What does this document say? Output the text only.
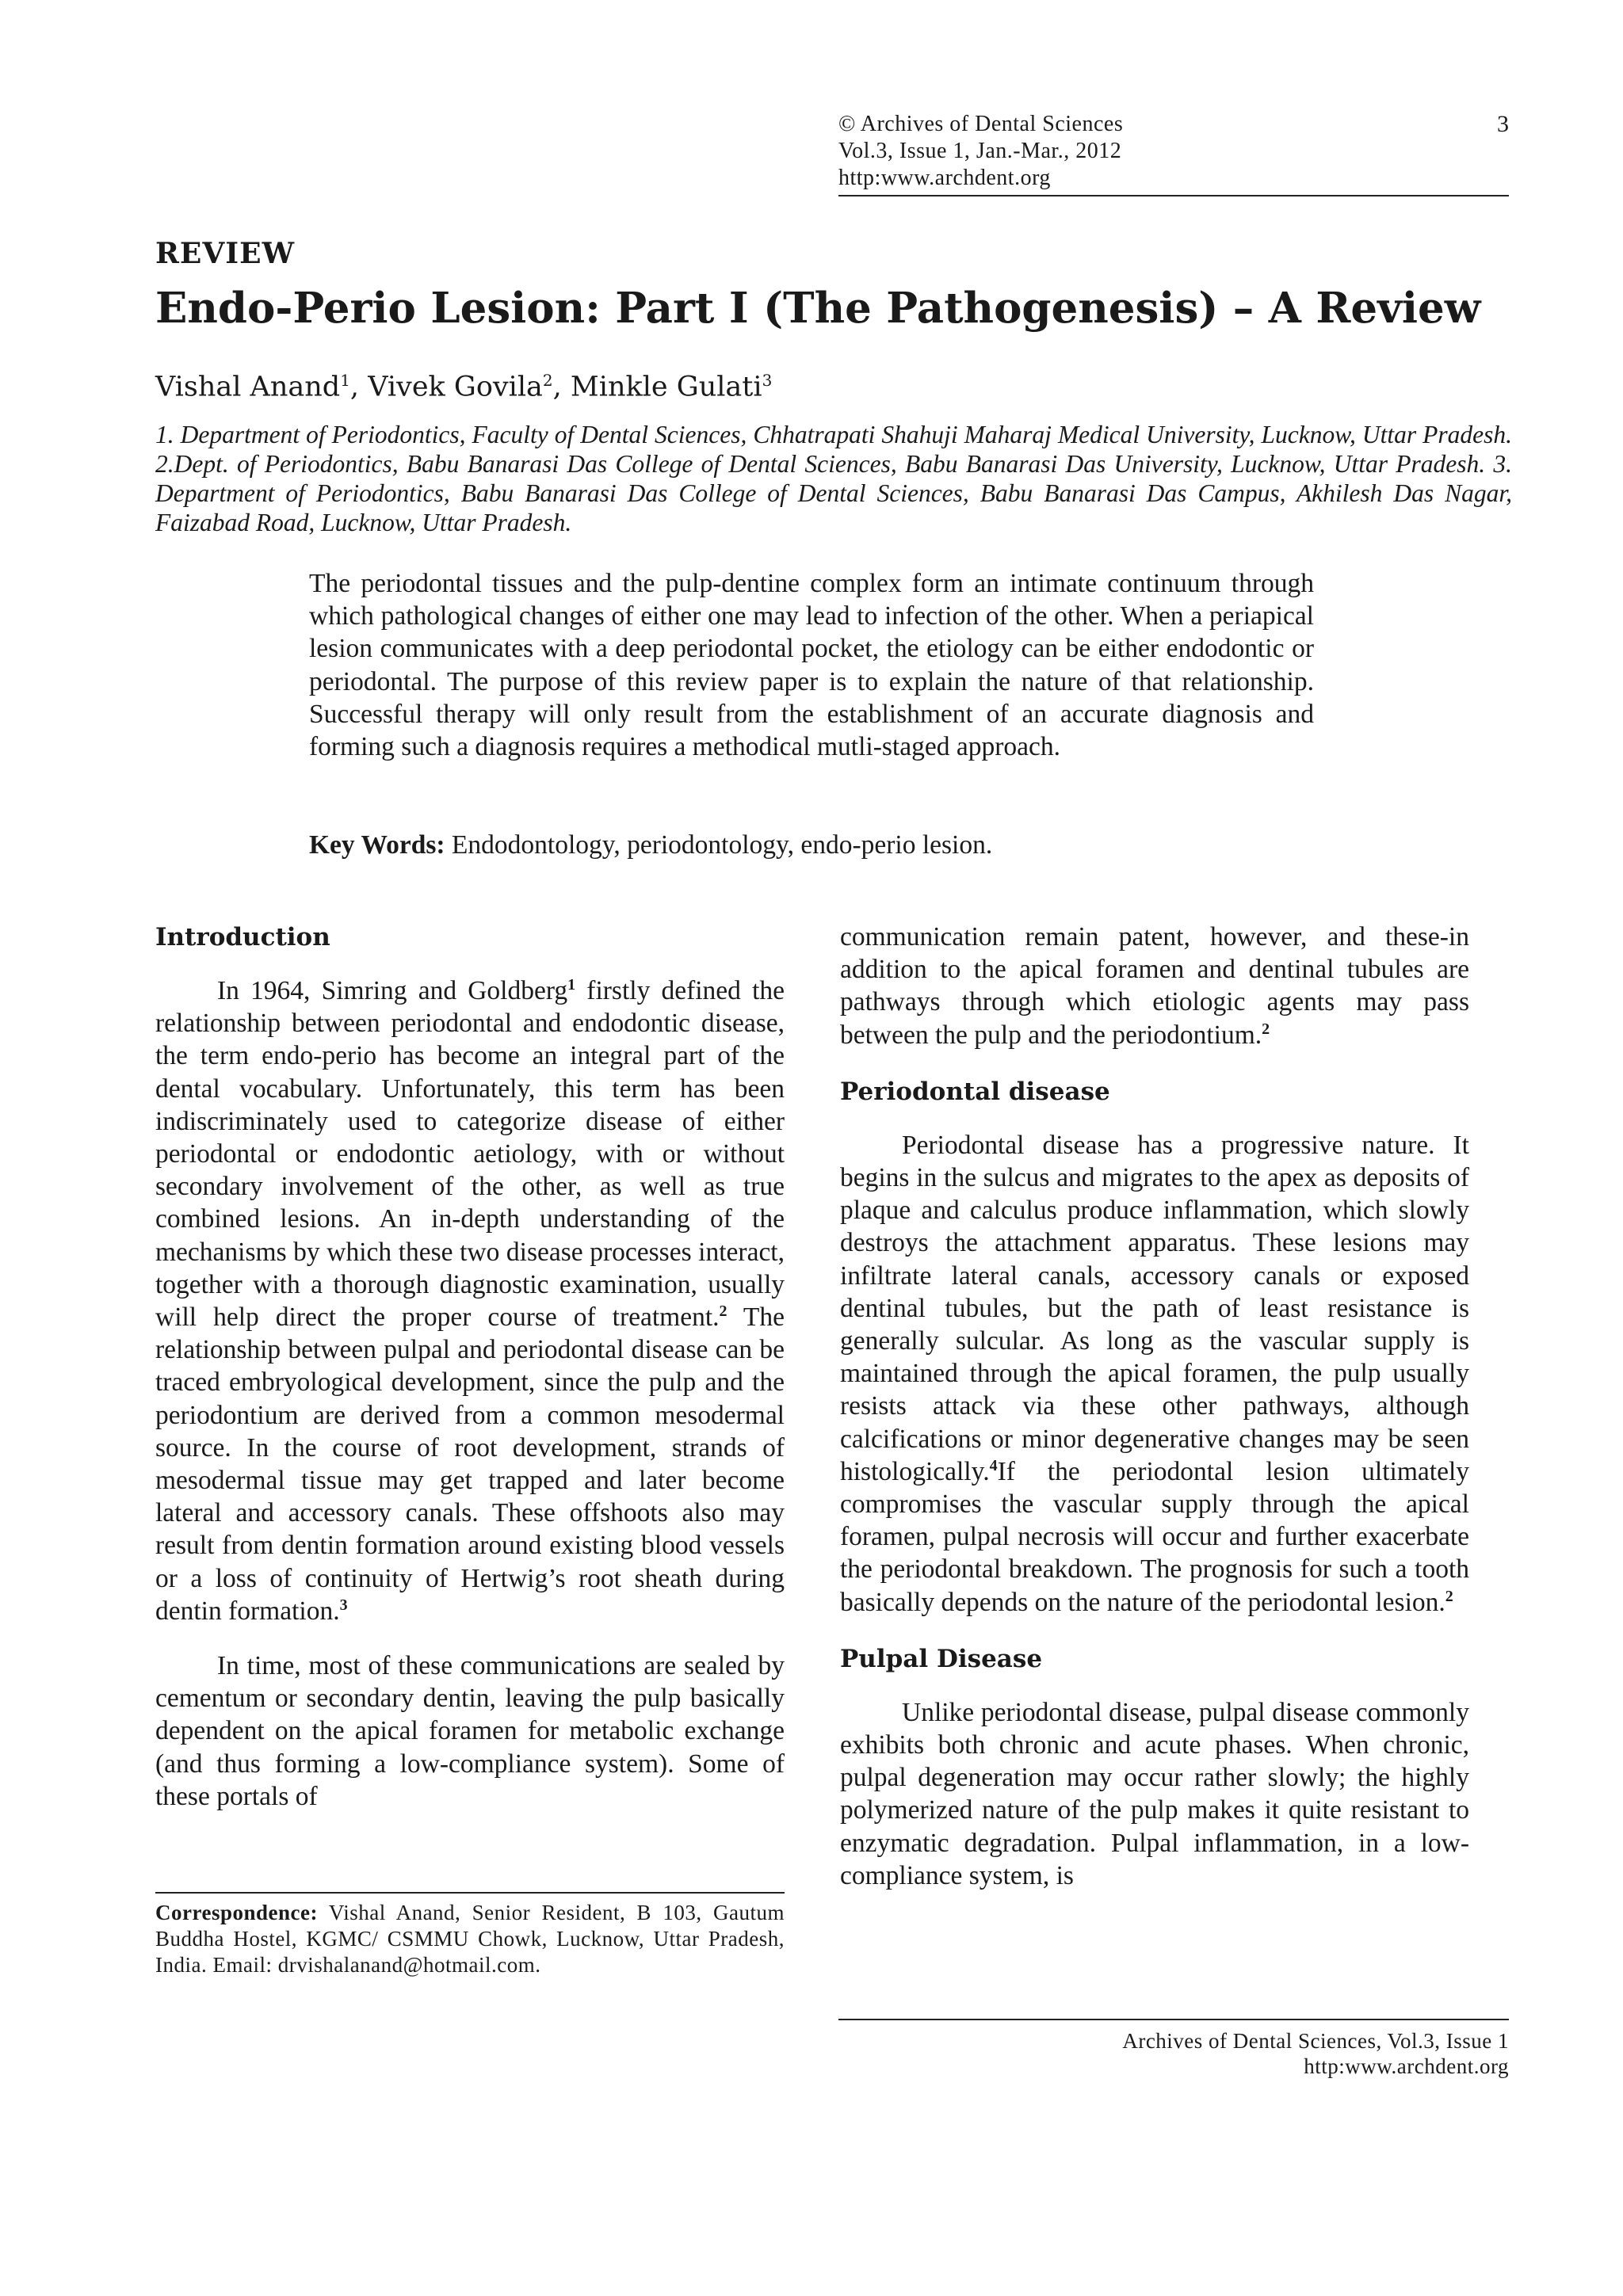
© Archives of Dental Sciences
Vol.3, Issue 1, Jan.-Mar., 2012
http:www.archdent.org
3
REVIEW
Endo-Perio Lesion: Part I (The Pathogenesis) – A Review
Vishal Anand$^1$, Vivek Govila$^2$, Minkle Gulati$^3$

1. Department of Periodontics, Faculty of Dental Sciences, Chhatrapati Shahuji Maharaj Medical University, Lucknow, Uttar Pradesh. 2.Dept. of Periodontics, Babu Banarasi Das College of Dental Sciences, Babu Banarasi Das University, Lucknow, Uttar Pradesh. 3. Department of Periodontics, Babu Banarasi Das College of Dental Sciences, Babu Banarasi Das Campus, Akhilesh Das Nagar, Faizabad Road, Lucknow, Uttar Pradesh.

The periodontal tissues and the pulp-dentine complex form an intimate continuum through which pathological changes of either one may lead to infection of the other. When a periapical lesion communicates with a deep periodontal pocket, the etiology can be either endodontic or periodontal. The purpose of this review paper is to explain the nature of that relationship. Successful therapy will only result from the establishment of an accurate diagnosis and forming such a diagnosis requires a methodical mutli-staged approach.

Key Words: Endodontology, periodontology, endo-perio lesion.
Introduction

In 1964, Simring and Goldberg$^1$ firstly defined the relationship between periodontal and endodontic disease, the term endo-perio has become an integral part of the dental vocabulary. Unfortunately, this term has been indiscriminately used to categorize disease of either periodontal or endodontic aetiology, with or without secondary involvement of the other, as well as true combined lesions. An in-depth understanding of the mechanisms by which these two disease processes interact, together with a thorough diagnostic examination, usually will help direct the proper course of treatment.$^2$ The relationship between pulpal and periodontal disease can be traced embryological development, since the pulp and the periodontium are derived from a common mesodermal source. In the course of root development, strands of mesodermal tissue may get trapped and later become lateral and accessory canals. These offshoots also may result from dentin formation around existing blood vessels or a loss of continuity of Hertwig’s root sheath during dentin formation.$^3$

In time, most of these communications are sealed by cementum or secondary dentin, leaving the pulp basically dependent on the apical foramen for metabolic exchange (and thus forming a low-compliance system). Some of these portals of

Correspondence: Vishal Anand, Senior Resident, B 103, Gautum Buddha Hostel, KGMC/ CSMMU Chowk, Lucknow, Uttar Pradesh, India. Email: drvishalanand@hotmail.com.

communication remain patent, however, and these-in addition to the apical foramen and dentinal tubules are pathways through which etiologic agents may pass between the pulp and the periodontium.$^2$

Periodontal disease

Periodontal disease has a progressive nature. It begins in the sulcus and migrates to the apex as deposits of plaque and calculus produce inflammation, which slowly destroys the attachment apparatus. These lesions may infiltrate lateral canals, accessory canals or exposed dentinal tubules, but the path of least resistance is generally sulcular. As long as the vascular supply is maintained through the apical foramen, the pulp usually resists attack via these other pathways, although calcifications or minor degenerative changes may be seen histologically.$^4$If the periodontal lesion ultimately compromises the vascular supply through the apical foramen, pulpal necrosis will occur and further exacerbate the periodontal breakdown. The prognosis for such a tooth basically depends on the nature of the periodontal lesion.$^2$

Pulpal Disease

Unlike periodontal disease, pulpal disease commonly exhibits both chronic and acute phases. When chronic, pulpal degeneration may occur rather slowly; the highly polymerized nature of the pulp makes it quite resistant to enzymatic degradation. Pulpal inflammation, in a low-compliance system, is

Archives of Dental Sciences, Vol.3, Issue 1
http:www.archdent.org
